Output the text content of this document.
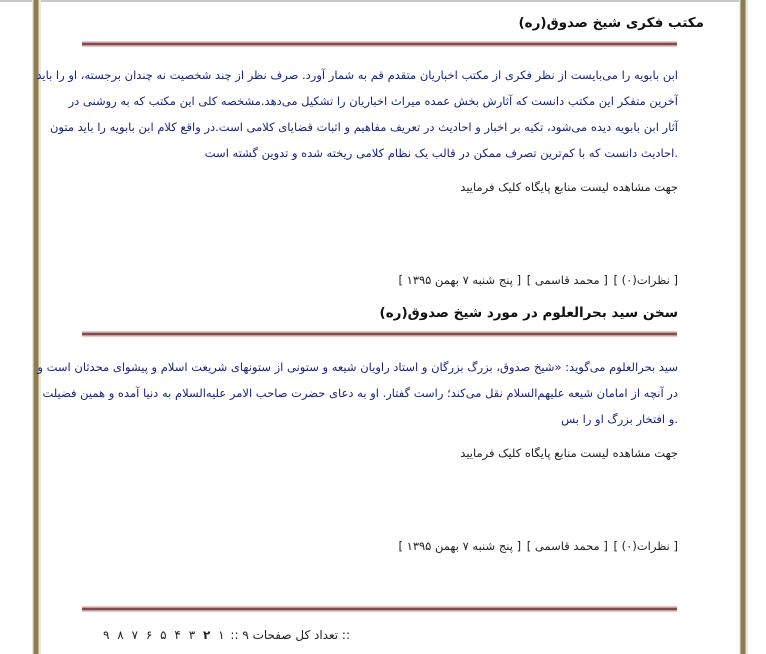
مکتب فکری شیخ صدوق(ره)
ابن بابویه را می‌بایست از نظر فکری از مکتب اخباریان متقدم قم به شمار آورد. صرف نظر از چند شخصیت نه چندان برجسته، او را باید
آخرین متفکر این مکتب دانست که آثارش بخش عمده میراث اخباریان را تشکیل می‌دهد.مشخصه کلی این مکتب که به روشنی در
آثار ابن بابویه دیده می‌شود، تکیه بر اخبار و احادیث در تعریف مفاهیم و اثبات قضایای کلامی است.در واقع کلام ابن بابویه را باید متون
احادیث دانست که با کم‌ترین تصرف ممکن در قالب یک نظام کلامی ریخته شده و تدوین گشته است.
جهت مشاهده لیست منابع پایگاه کلیک فرمایید
[ پنج شنبه ۷ بهمن ۱۳۹۵ ] [ محمد قاسمی ] [ نظرات(۰) ]
سخن سید بحرالعلوم در مورد شیخ صدوق(ره)
سید بحرالعلوم می‌گوید: «شیخ صدوق، بزرگ بزرگان و استاد راویان شیعه و ستونی از ستونهای شریعت اسلام و پیشوای محدثان است و
در آنچه از امامان شیعه علیهم‌السلام نقل می‌کند؛ راست گفتار. او به دعای حضرت صاحب الامر علیه‌السلام به دنیا آمده و همین فضیلت
و افتخار بزرگ او را بس.
جهت مشاهده لیست منابع پایگاه کلیک فرمایید
[ پنج شنبه ۷ بهمن ۱۳۹۵ ] [ محمد قاسمی ] [ نظرات(۰) ]
:: تعداد کل صفحات ۹ :: ۱ ۲ ۳ ۴ ۵ ۶ ۷ ۸ ۹
